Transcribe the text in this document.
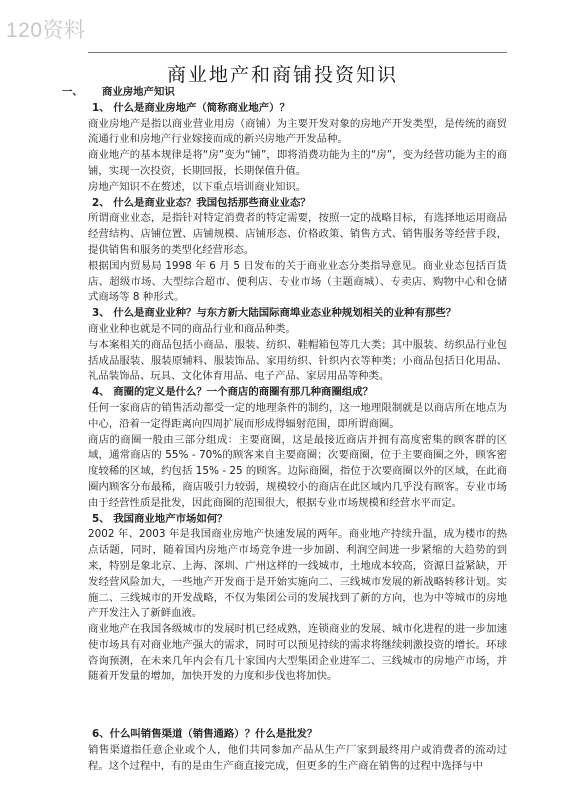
120资料
商业地产和商铺投资知识
一、 商业房地产知识
1、 什么是商业房地产（简称商业地产）？
商业房地产是指以商业营业用房（商铺）为主要开发对象的房地产开发类型，是传统的商贸流通行业和房地产行业嫁接而成的新兴房地产开发品种。
商业地产的基本规律是将“房”变为“铺”，即将消费功能为主的“房”，变为经营功能为主的商铺，实现一次投资，长期回报，长期保值升值。
房地产知识不在赘述，以下重点培训商业知识。
2、 什么是商业业态？我国包括那些商业业态？
所谓商业业态，是指针对特定消费者的特定需要，按照一定的战略目标，有选择地运用商品经营结构、店铺位置、店铺规模、店铺形态、价格政策、销售方式、销售服务等经营手段，提供销售和服务的类型化经营形态。
根据国内贸易局 1998 年 6 月 5 日发布的关于商业业态分类指导意见。商业业态包括百货店、超级市场、大型综合超市、便利店、专业市场（主题商城）、专卖店、购物中心和仓储式商场等 8 种形式。
3、 什么是商业业种？与东方新大陆国际商埠业态业种规划相关的业种有那些？
商业业种也就是不同的商品行业和商品种类。
与本案相关的商品包括小商品、服装、纺织、鞋帽箱包等几大类；其中服装、纺织品行业包括成品服装、服装原辅料、服装饰品、家用纺织、针织内衣等种类；小商品包括日化用品、礼品装饰品、玩具、文化体育用品、电子产品、家居用品等种类。
4、 商圈的定义是什么？一个商店的商圈有那几种商圈组成？
任何一家商店的销售活动都受一定的地理条件的制约，这一地理限制就是以商店所在地点为中心，沿着一定得距离向四周扩展而形成得辐射范围，即所谓商圈。
商店的商圈一般由三部分组成：主要商圈，这是最接近商店并拥有高度密集的顾客群的区域，通常商店的 55% - 70%的顾客来自主要商圈；次要商圈，位于主要商圈之外，顾客密度较稀的区域，约包括 15% - 25 的顾客。边际商圈，指位于次要商圈以外的区域，在此商圈内顾客分布最稀，商店吸引力较弱，规模较小的商店在此区域内几乎没有顾客。专业市场由于经营性质是批发，因此商圈的范围很大，根据专业市场规模和经营水平而定。
5、 我国商业地产市场如何？
2002 年、2003 年是我国商业房地产快速发展的两年。商业地产持续升温，成为楼市的热点话题，同时，随着国内房地产市场竞争进一步加剧、利润空间进一步紧缩的大趋势的到来，特别是象北京、上海、深圳、广州这样的一线城市，土地成本较高，资源日益紧缺，开发经营风险加大，一些地产开发商于是开始实施向二、三线城市发展的新战略转移计划。实施二、三线城市的开发战略，不仅为集团公司的发展找到了新的方向，也为中等城市的房地产开发注入了新鲜血液。
商业地产在我国各级城市的发展时机已经成熟，连锁商业的发展、城市化进程的进一步加速使市场具有对商业地产强大的需求，同时可以预见持续的需求将继续刺激投资的增长。环球咨询预测，在未来几年内会有几十家国内大型集团企业进军二、三线城市的房地产市场，并随着开发量的增加，加快开发的力度和步伐也将加快。
6、什么叫销售渠道（销售通路）？什么是批发？
销售渠道指任意企业或个人，他们共同参加产品从生产厂家到最终用户或消费者的流动过程。这个过程中，有的是由生产商直接完成，但更多的生产商在销售的过程中选择与中
